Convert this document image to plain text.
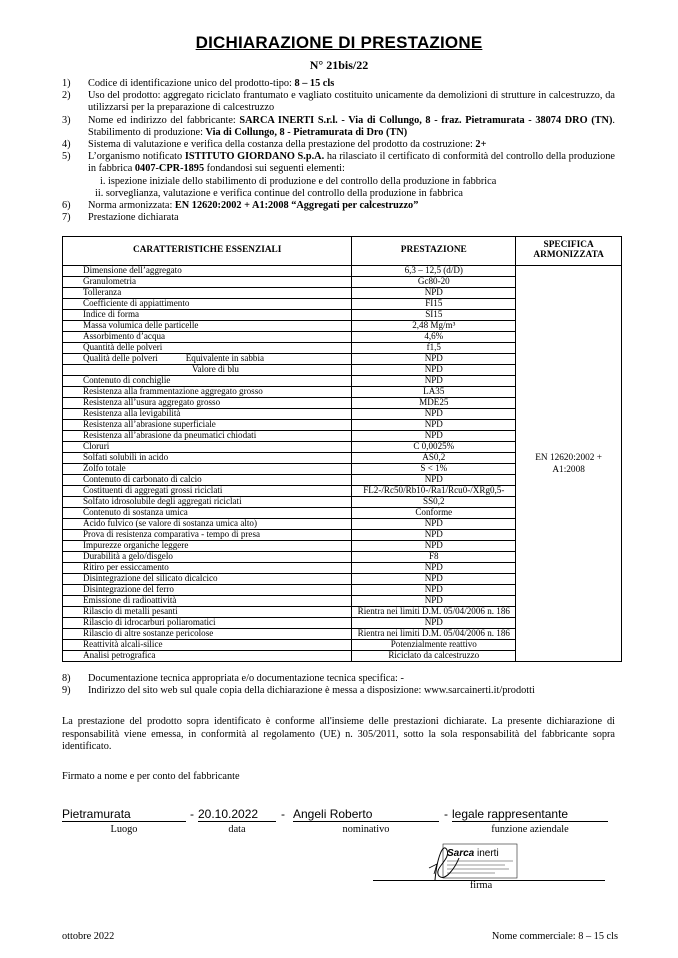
DICHIARAZIONE DI PRESTAZIONE
N° 21bis/22
1) Codice di identificazione unico del prodotto-tipo: 8 – 15 cls
2) Uso del prodotto: aggregato riciclato frantumato e vagliato costituito unicamente da demolizioni di strutture in calcestruzzo, da utilizzarsi per la preparazione di calcestruzzo
3) Nome ed indirizzo del fabbricante: SARCA INERTI S.r.l. - Via di Collungo, 8 - fraz. Pietramurata - 38074 DRO (TN). Stabilimento di produzione: Via di Collungo, 8 - Pietramurata di Dro (TN)
4) Sistema di valutazione e verifica della costanza della prestazione del prodotto da costruzione: 2+
5) L’organismo notificato ISTITUTO GIORDANO S.p.A. ha rilasciato il certificato di conformità del controllo della produzione in fabbrica 0407-CPR-1895 fondandosi sui seguenti elementi:
i. ispezione iniziale dello stabilimento di produzione e del controllo della produzione in fabbrica
ii. sorveglianza, valutazione e verifica continue del controllo della produzione in fabbrica
6) Norma armonizzata: EN 12620:2002 + A1:2008 “Aggregati per calcestruzzo”
7) Prestazione dichiarata
CARATTERISTICHE ESSENZIALI	PRESTAZIONE	SPECIFICA ARMONIZZATA
Dimensione dell’aggregato	6,3 – 12,5 (d/D)	EN 12620:2002 + A1:2008
Granulometria	Gc80-20	
Tolleranza	NPD	
Coefficiente di appiattimento	FI15	
Indice di forma	SI15	
Massa volumica delle particelle	2,48 Mg/m³	
Assorbimento d’acqua	4,6%	
Quantità delle polveri	f1,5	
Qualità delle polveri Equivalente in sabbia	NPD	
Valore di blu	NPD	
Contenuto di conchiglie	NPD	
Resistenza alla frammentazione aggregato grosso	LA35	
Resistenza all’usura aggregato grosso	MDE25	
Resistenza alla levigabilità	NPD	
Resistenza all’abrasione superficiale	NPD	
Resistenza all’abrasione da pneumatici chiodati	NPD	
Cloruri	C 0,0025%	
Solfati solubili in acido	AS0,2	
Zolfo totale	S < 1%	
Contenuto di carbonato di calcio	NPD	
Costituenti di aggregati grossi riciclati	FL2-/Rc50/Rb10-/Ra1/Rcu0-/XRg0,5-	
Solfato idrosolubile degli aggregati riciclati	SS0,2	
Contenuto di sostanza umica	Conforme	
Acido fulvico (se valore di sostanza umica alto)	NPD	
Prova di resistenza comparativa - tempo di presa	NPD	
Impurezze organiche leggere	NPD	
Durabilità a gelo/disgelo	F8	
Ritiro per essiccamento	NPD	
Disintegrazione del silicato dicalcico	NPD	
Disintegrazione del ferro	NPD	
Emissione di radioattività	NPD	
Rilascio di metalli pesanti	Rientra nei limiti D.M. 05/04/2006 n. 186	
Rilascio di idrocarburi poliaromatici	NPD	
Rilascio di altre sostanze pericolose	Rientra nei limiti D.M. 05/04/2006 n. 186	
Reattività alcali-silice	Potenzialmente reattivo	
Analisi petrografica	Riciclato da calcestruzzo	
8) Documentazione tecnica appropriata e/o documentazione tecnica specifica: -
9) Indirizzo del sito web sul quale copia della dichiarazione è messa a disposizione: www.sarcainerti.it/prodotti
La prestazione del prodotto sopra identificato è conforme all'insieme delle prestazioni dichiarate. La presente dichiarazione di responsabilità viene emessa, in conformità al regolamento (UE) n. 305/2011, sotto la sola responsabilità del fabbricante sopra identificato.
Firmato a nome e per conto del fabbricante
Pietramurata	- 20.10.2022	- Angeli Roberto	- legale rappresentante
Luogo	data	nominativo	funzione aziendale
Sarca inerti
firma
ottobre 2022	Nome commerciale: 8 – 15 cls
